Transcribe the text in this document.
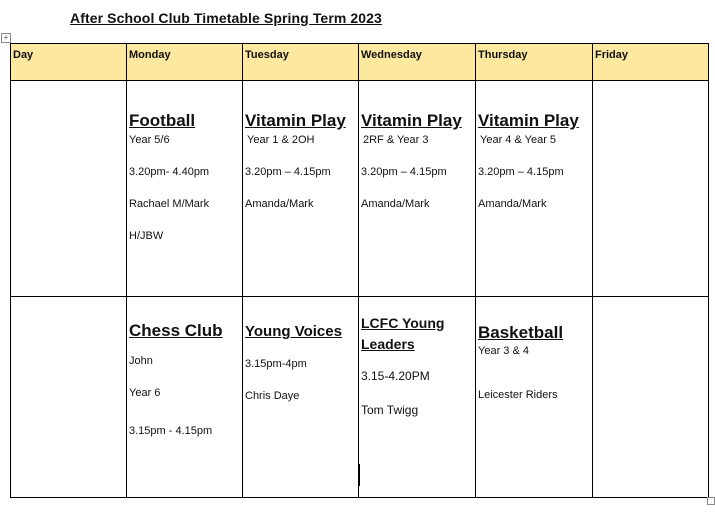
After School Club Timetable Spring Term 2023
+
Day	Monday	Tuesday	Wednesday	Thursday	Friday

	Football
Year 5/6
3.20pm- 4.40pm
Rachael M/Mark
H/JBW	Vitamin Play
Year 1 & 2OH
3.20pm – 4.15pm
Amanda/Mark	Vitamin Play
2RF & Year 3
3.20pm – 4.15pm
Amanda/Mark	Vitamin Play
Year 4 & Year 5
3.20pm – 4.15pm
Amanda/Mark	

	Chess Club
John
Year 6
3.15pm - 4.15pm	Young Voices
3.15pm-4pm
Chris Daye	LCFC Young Leaders
3.15-4.20PM
Tom Twigg	Basketball
Year 3 & 4
Leicester Riders	
